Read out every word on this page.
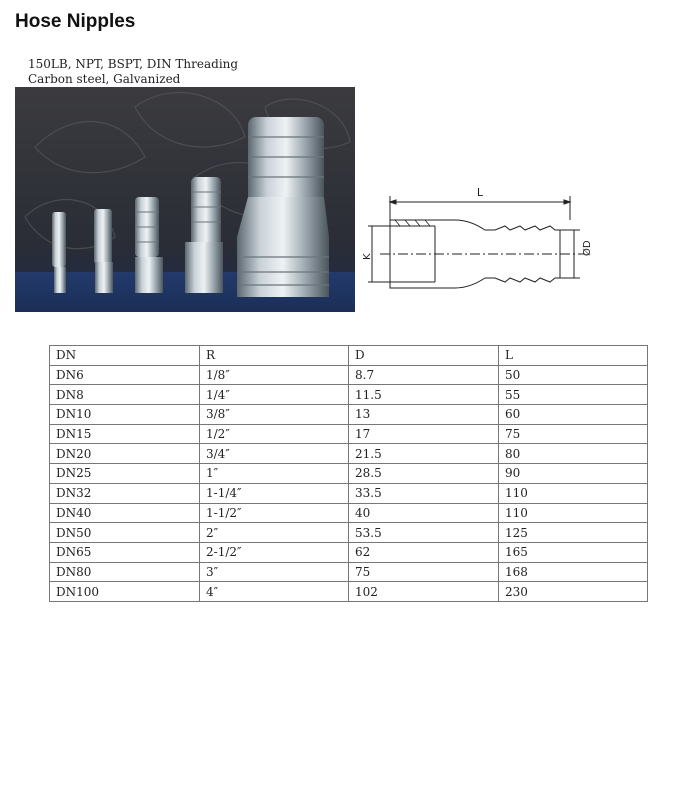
Hose Nipples
150LB, NPT, BSPT, DIN Threading
Carbon steel, Galvanized
L
K
ØD
DN	R	D	L
DN6	1/8″	8.7	50
DN8	1/4″	11.5	55
DN10	3/8″	13	60
DN15	1/2″	17	75
DN20	3/4″	21.5	80
DN25	1″	28.5	90
DN32	1-1/4″	33.5	110
DN40	1-1/2″	40	110
DN50	2″	53.5	125
DN65	2-1/2″	62	165
DN80	3″	75	168
DN100	4″	102	230
